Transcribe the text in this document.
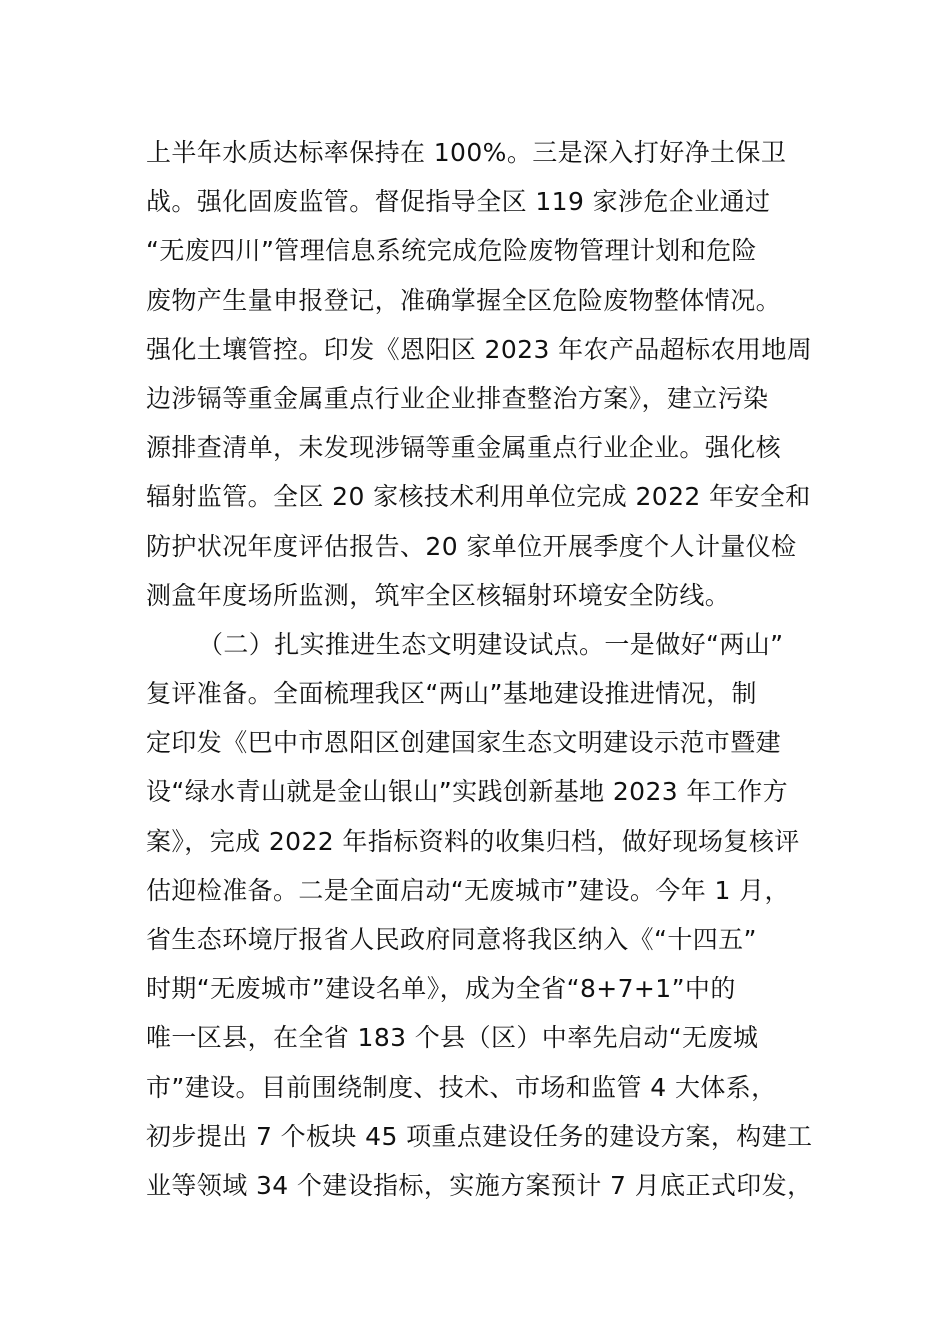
上半年水质达标率保持在 100%。三是深入打好净土保卫
战。强化固废监管。督促指导全区 119 家涉危企业通过
“无废四川”管理信息系统完成危险废物管理计划和危险
废物产生量申报登记，准确掌握全区危险废物整体情况。
强化土壤管控。印发《恩阳区 2023 年农产品超标农用地周
边涉镉等重金属重点行业企业排查整治方案》，建立污染
源排查清单，未发现涉镉等重金属重点行业企业。强化核
辐射监管。全区 20 家核技术利用单位完成 2022 年安全和
防护状况年度评估报告、20 家单位开展季度个人计量仪检
测盒年度场所监测，筑牢全区核辐射环境安全防线。
（二）扎实推进生态文明建设试点。一是做好“两山”
复评准备。全面梳理我区“两山”基地建设推进情况，制
定印发《巴中市恩阳区创建国家生态文明建设示范市暨建
设“绿水青山就是金山银山”实践创新基地 2023 年工作方
案》，完成 2022 年指标资料的收集归档，做好现场复核评
估迎检准备。二是全面启动“无废城市”建设。今年 1 月，
省生态环境厅报省人民政府同意将我区纳入《“十四五”
时期“无废城市”建设名单》，成为全省“8+7+1”中的
唯一区县，在全省 183 个县（区）中率先启动“无废城
市”建设。目前围绕制度、技术、市场和监管 4 大体系，
初步提出 7 个板块 45 项重点建设任务的建设方案，构建工
业等领域 34 个建设指标，实施方案预计 7 月底正式印发，
